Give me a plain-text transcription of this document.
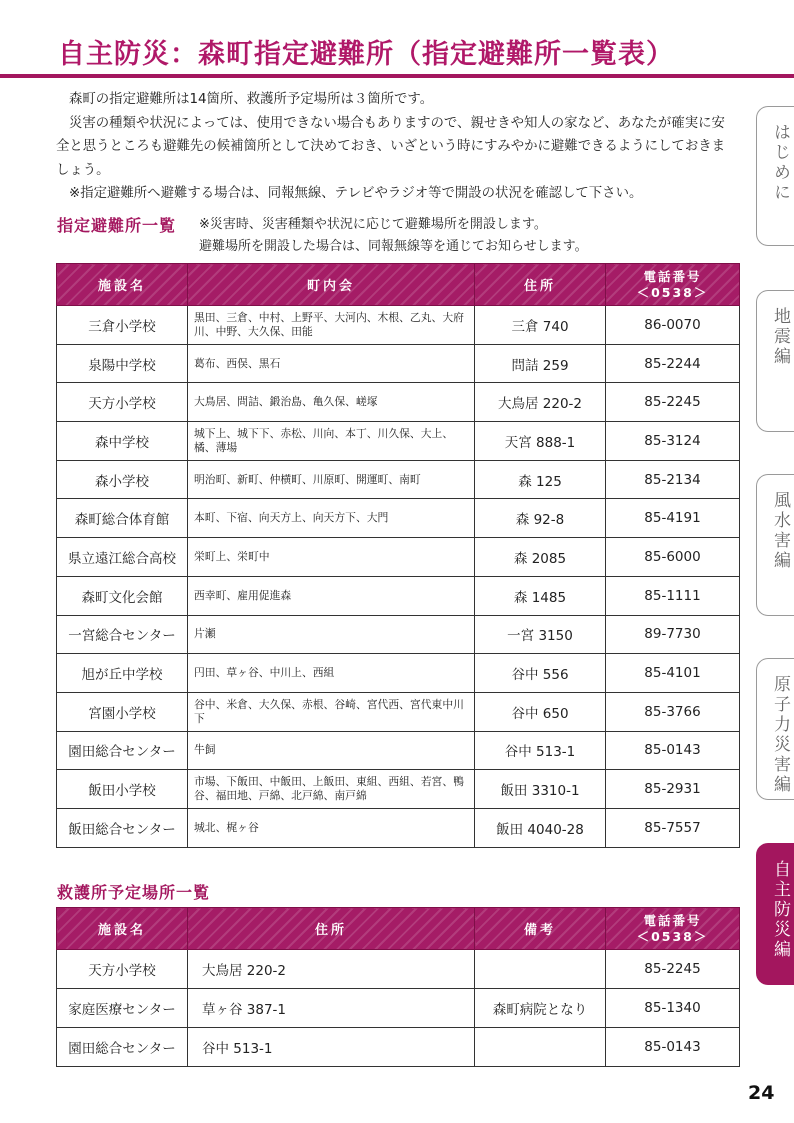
自主防災：森町指定避難所（指定避難所一覧表）

森町の指定避難所は14箇所、救護所予定場所は３箇所です。

災害の種類や状況によっては、使用できない場合もありますので、親せきや知人の家など、あなたが確実に安全と思うところも避難先の候補箇所として決めておき、いざという時にすみやかに避難できるようにしておきましょう。

※指定避難所へ避難する場合は、同報無線、テレビやラジオ等で開設の状況を確認して下さい。

指定避難所一覧 ※災害時、災害種類や状況に応じて避難場所を開設します。
避難場所を開設した場合は、同報無線等を通じてお知らせします。
施設名	町内会	住所	電話番号
＜0538＞

三倉小学校	黒田、三倉、中村、上野平、大河内、木根、乙丸、大府川、中野、大久保、田能	三倉 740	86-0070
泉陽中学校	葛布、西俣、黒石	問詰 259	85-2244
天方小学校	大鳥居、問詰、鍛治島、亀久保、嵯塚	大鳥居 220-2	85-2245
森中学校	城下上、城下下、赤松、川向、本丁、川久保、大上、橘、薄場	天宮 888-1	85-3124
森小学校	明治町、新町、仲横町、川原町、開運町、南町	森 125	85-2134
森町総合体育館	本町、下宿、向天方上、向天方下、大門	森 92-8	85-4191
県立遠江総合高校	栄町上、栄町中	森 2085	85-6000
森町文化会館	西幸町、雇用促進森	森 1485	85-1111
一宮総合センター	片瀬	一宮 3150	89-7730
旭が丘中学校	円田、草ヶ谷、中川上、西組	谷中 556	85-4101
宮園小学校	谷中、米倉、大久保、赤根、谷崎、宮代西、宮代東中川下	谷中 650	85-3766
園田総合センター	牛飼	谷中 513-1	85-0143
飯田小学校	市場、下飯田、中飯田、上飯田、東組、西組、若宮、鴨谷、福田地、戸綿、北戸綿、南戸綿	飯田 3310-1	85-2931
飯田総合センター	城北、梶ヶ谷	飯田 4040-28	85-7557
救護所予定場所一覧
施設名	住所	備考	電話番号
＜0538＞

天方小学校	大鳥居 220-2		85-2245
家庭医療センター	草ヶ谷 387-1	森町病院となり	85-1340
園田総合センター	谷中 513-1		85-0143
はじめに
地震編
風水害編
原子力災害編
自主防災編
24
